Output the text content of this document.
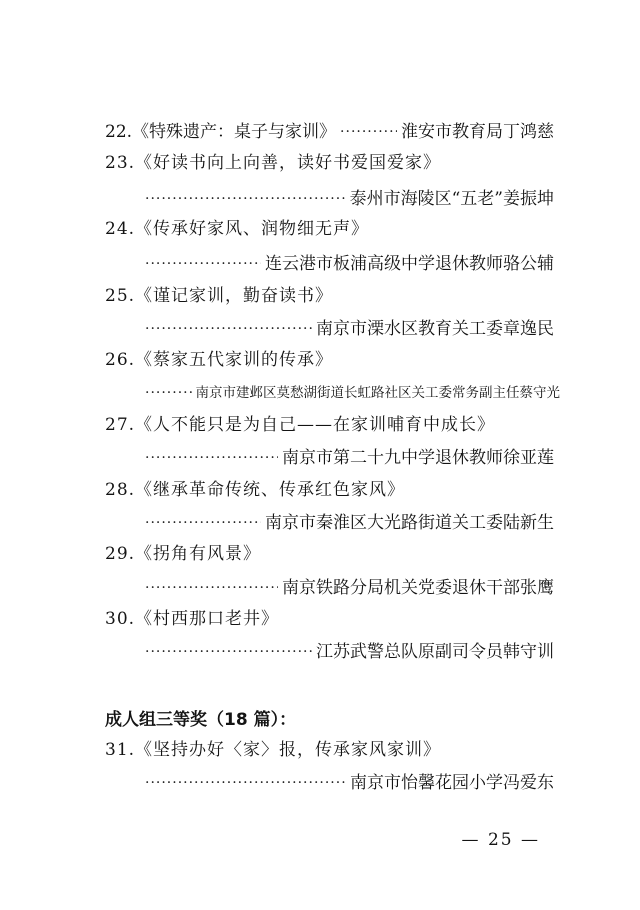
22.《特殊遗产：桌子与家训》
·····	淮安市教育局丁鸿慈
23.《好读书向上向善，读好书爱国爱家》
·····
泰州市海陵区“五老”姜振坤
24.《传承好家风、润物细无声》
·····
连云港市板浦高级中学退休教师骆公辅
25.《谨记家训，勤奋读书》
·····
南京市溧水区教育关工委章逸民
26.《蔡家五代家训的传承》
·····
南京市建邺区莫愁湖街道长虹路社区关工委常务副主任蔡守光
27.《人不能只是为自己——在家训哺育中成长》
·····
南京市第二十九中学退休教师徐亚莲
28.《继承革命传统、传承红色家风》
·····
南京市秦淮区大光路街道关工委陆新生
29.《拐角有风景》
·····
南京铁路分局机关党委退休干部张鹰
30.《村西那口老井》
·····
江苏武警总队原副司令员韩守训
成人组三等奖（18 篇）：
31.《坚持办好〈家〉报，传承家风家训》
·····
南京市怡馨花园小学冯爱东
— 25 —
